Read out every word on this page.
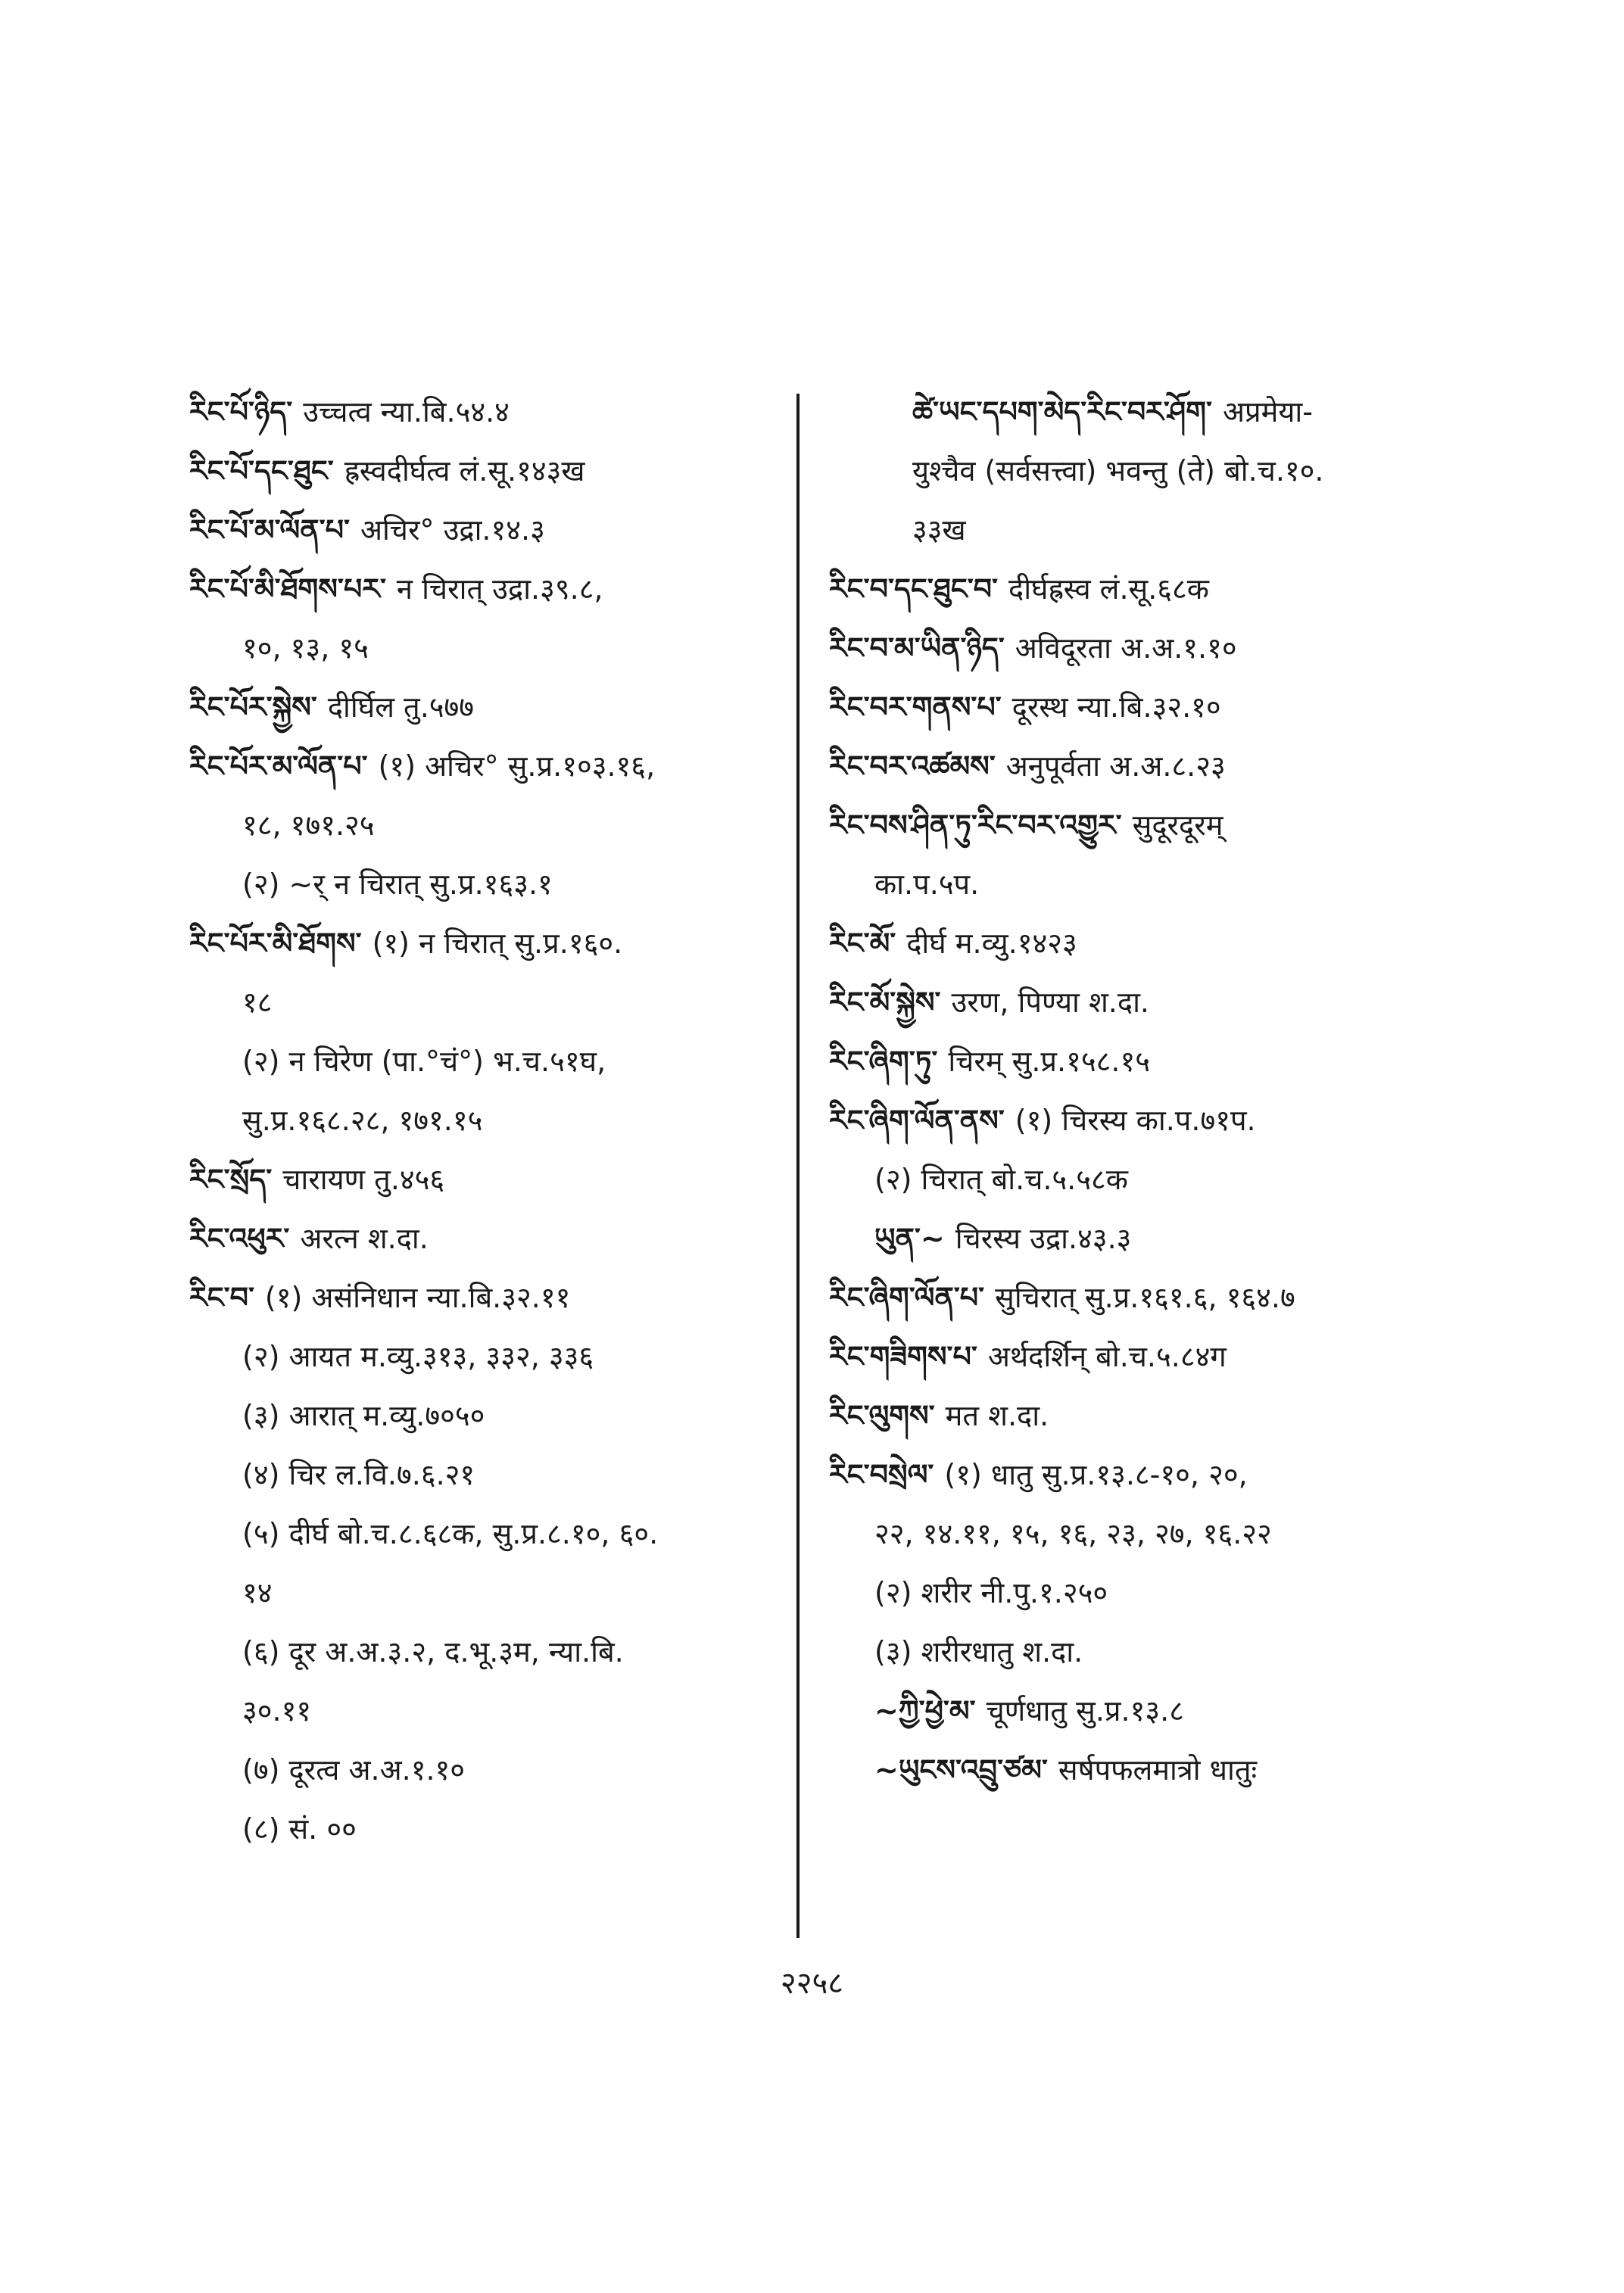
རིང་པོ་ཉིད་ उच्चत्व न्या.बि.५४.४
རིང་པོ་དང་ཐུང་ ह्रस्वदीर्घत्व लं.सू.१४३ख
རིང་པོ་མ་ལོན་པ་ अचिर° उद्रा.१४.३
རིང་པོ་མི་ཐོགས་པར་ न चिरात् उद्रा.३९.८,
१०, १३, १५
རིང་པོར་སྐྱེས་ दीर्घिल तु.५७७
རིང་པོར་མ་ལོན་པ་ (१) अचिर° सु.प्र.१०३.१६,
१८, १७१.२५
(२) ~र् न चिरात् सु.प्र.१६३.१
རིང་པོར་མི་ཐོགས་ (१) न चिरात् सु.प्र.१६०.
१८
(२) न चिरेण (पा.°चं°) भ.च.५१घ,
सु.प्र.१६८.२८, १७१.१५
རིང་སྲོད་ चारायण तु.४५६
རིང་འཕུར་ अरत्न श.दा.
རིང་བ་ (१) असंनिधान न्या.बि.३२.११
(२) आयत म.व्यु.३१३, ३३२, ३३६
(३) आरात् म.व्यु.७०५०
(४) चिर ल.वि.७.६.२१
(५) दीर्घ बो.च.८.६८क, सु.प्र.८.१०, ६०.
१४
(६) दूर अ.अ.३.२, द.भू.३म, न्या.बि.
३०.११
(७) दूरत्व अ.अ.१.१०
(८) सं. ००
ཚེ་ཡང་དཔག་མེད་རིང་བར་ཤོག་ अप्रमेया-
युश्चैव (सर्वसत्त्वा) भवन्तु (ते) बो.च.१०.
३३ख
རིང་བ་དང་ཐུང་བ་ दीर्घह्रस्व लं.सू.६८क
རིང་བ་མ་ཡིན་ཉིད་ अविदूरता अ.अ.१.१०
རིང་བར་གནས་པ་ दूरस्थ न्या.बि.३२.१०
རིང་བར་འཚམས་ अनुपूर्वता अ.अ.८.२३
རིང་བས་ཤིན་ཏུ་རིང་བར་འགྱུར་ सुदूरदूरम्
का.प.५प.
རིང་མོ་ दीर्घ म.व्यु.१४२३
རིང་མོ་སྐྱེས་ उरण, पिण्या श.दा.
རིང་ཞིག་ཏུ་ चिरम् सु.प्र.१५८.१५
རིང་ཞིག་ལོན་ནས་ (१) चिरस्य का.प.७१प.
(२) चिरात् बो.च.५.५८क
ཡུན་~ चिरस्य उद्रा.४३.३
རིང་ཞིག་ལོན་པ་ सुचिरात् सु.प्र.१६१.६, १६४.७
རིང་གཟིགས་པ་ अर्थदर्शिन् बो.च.५.८४ग
རིང་ལུགས་ मत श.दा.
རིང་བསྲེལ་ (१) धातु सु.प्र.१३.८-१०, २०,
२२, १४.११, १५, १६, २३, २७, १६.२२
(२) शरीर नी.पु.१.२५०
(३) शरीरधातु श.दा.
~ཀྱི་ཕྱེ་མ་ चूर्णधातु सु.प्र.१३.८
~ཡུངས་འབྲུ་ཙམ་ सर्षपफलमात्रो धातुः
२२५८
